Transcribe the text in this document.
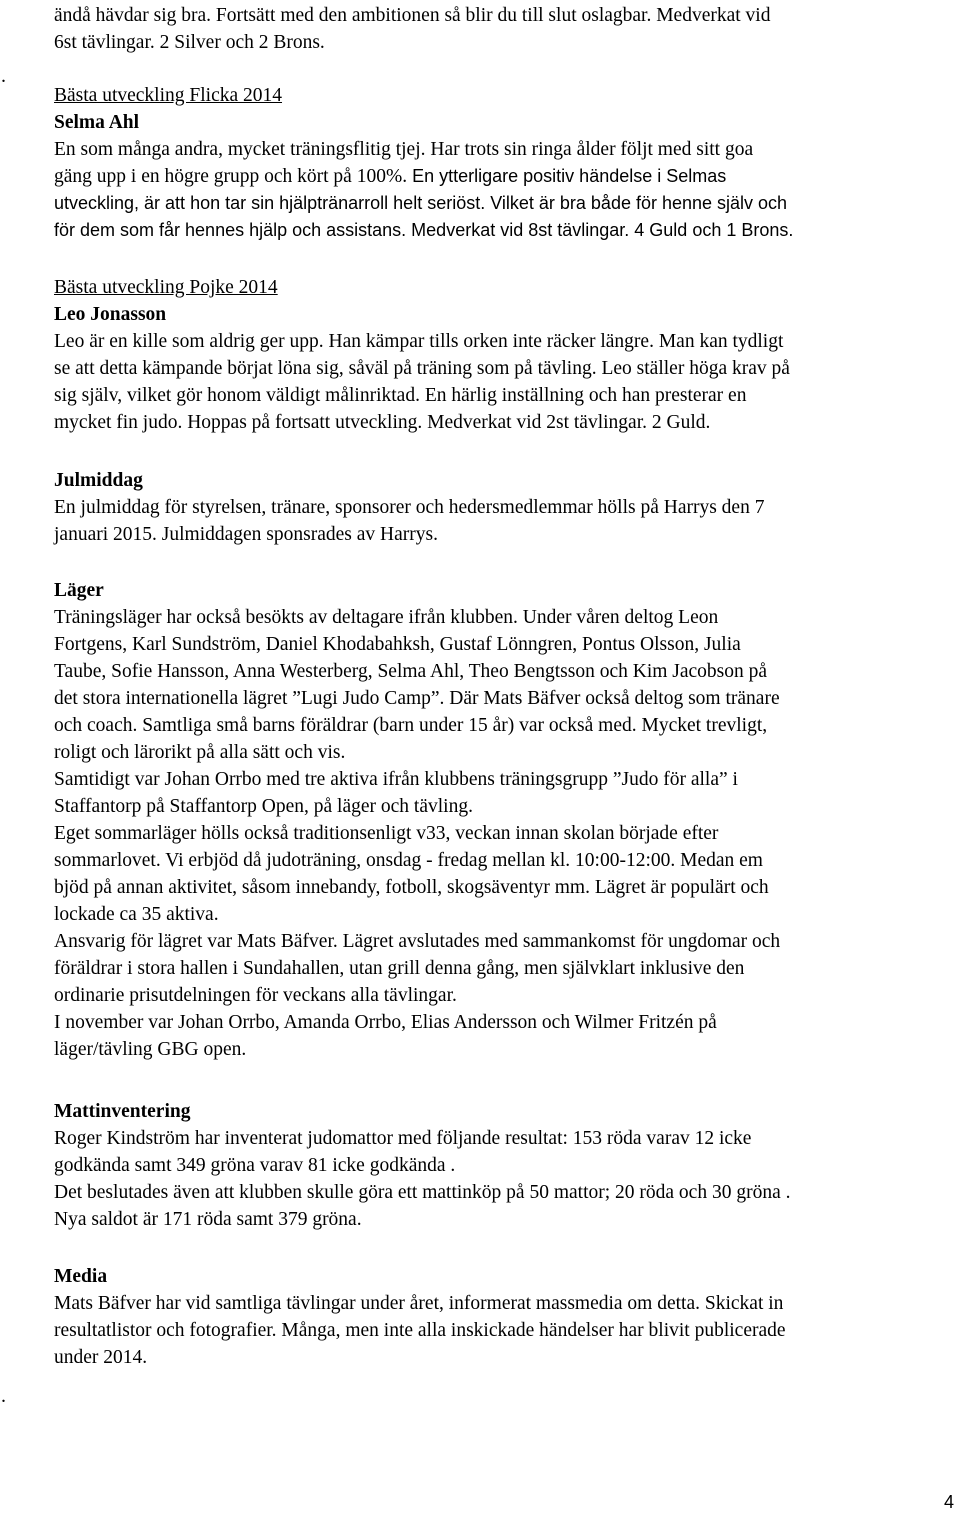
.
.
ändå hävdar sig bra. Fortsätt med den ambitionen så blir du till slut oslagbar. Medverkat vid
6st tävlingar. 2 Silver och 2 Brons.
Bästa utveckling Flicka 2014
Selma Ahl
En som många andra, mycket träningsflitig tjej. Har trots sin ringa ålder följt med sitt goa
gäng upp i en högre grupp och kört på 100%. En ytterligare positiv händelse i Selmas
utveckling, är att hon tar sin hjälptränarroll helt seriöst. Vilket är bra både för henne själv och
för dem som får hennes hjälp och assistans. Medverkat vid 8st tävlingar. 4 Guld och 1 Brons.
Bästa utveckling Pojke 2014
Leo Jonasson
Leo är en kille som aldrig ger upp. Han kämpar tills orken inte räcker längre. Man kan tydligt
se att detta kämpande börjat löna sig, såväl på träning som på tävling. Leo ställer höga krav på
sig själv, vilket gör honom väldigt målinriktad. En härlig inställning och han presterar en
mycket fin judo. Hoppas på fortsatt utveckling. Medverkat vid 2st tävlingar. 2 Guld.
Julmiddag
En julmiddag för styrelsen, tränare, sponsorer och hedersmedlemmar hölls på Harrys den 7
januari 2015. Julmiddagen sponsrades av Harrys.
Läger
Träningsläger har också besökts av deltagare ifrån klubben. Under våren deltog Leon
Fortgens, Karl Sundström, Daniel Khodabahksh, Gustaf Lönngren, Pontus Olsson, Julia
Taube, Sofie Hansson, Anna Westerberg, Selma Ahl, Theo Bengtsson och Kim Jacobson på
det stora internationella lägret ”Lugi Judo Camp”. Där Mats Bäfver också deltog som tränare
och coach. Samtliga små barns föräldrar (barn under 15 år) var också med. Mycket trevligt,
roligt och lärorikt på alla sätt och vis.
Samtidigt var Johan Orrbo med tre aktiva ifrån klubbens träningsgrupp ”Judo för alla” i
Staffantorp på Staffantorp Open, på läger och tävling.
Eget sommarläger hölls också traditionsenligt v33, veckan innan skolan började efter
sommarlovet. Vi erbjöd då judoträning, onsdag - fredag mellan kl. 10:00-12:00. Medan em
bjöd på annan aktivitet, såsom innebandy, fotboll, skogsäventyr mm. Lägret är populärt och
lockade ca 35 aktiva.
Ansvarig för lägret var Mats Bäfver. Lägret avslutades med sammankomst för ungdomar och
föräldrar i stora hallen i Sundahallen, utan grill denna gång, men självklart inklusive den
ordinarie prisutdelningen för veckans alla tävlingar.
I november var Johan Orrbo, Amanda Orrbo, Elias Andersson och Wilmer Fritzén på
läger/tävling GBG open.
Mattinventering
Roger Kindström har inventerat judomattor med följande resultat: 153 röda varav 12 icke
godkända samt 349 gröna varav 81 icke godkända .
Det beslutades även att klubben skulle göra ett mattinköp på 50 mattor; 20 röda och 30 gröna .
Nya saldot är 171 röda samt 379 gröna.
Media
Mats Bäfver har vid samtliga tävlingar under året, informerat massmedia om detta. Skickat in
resultatlistor och fotografier. Många, men inte alla inskickade händelser har blivit publicerade
under 2014.
4
